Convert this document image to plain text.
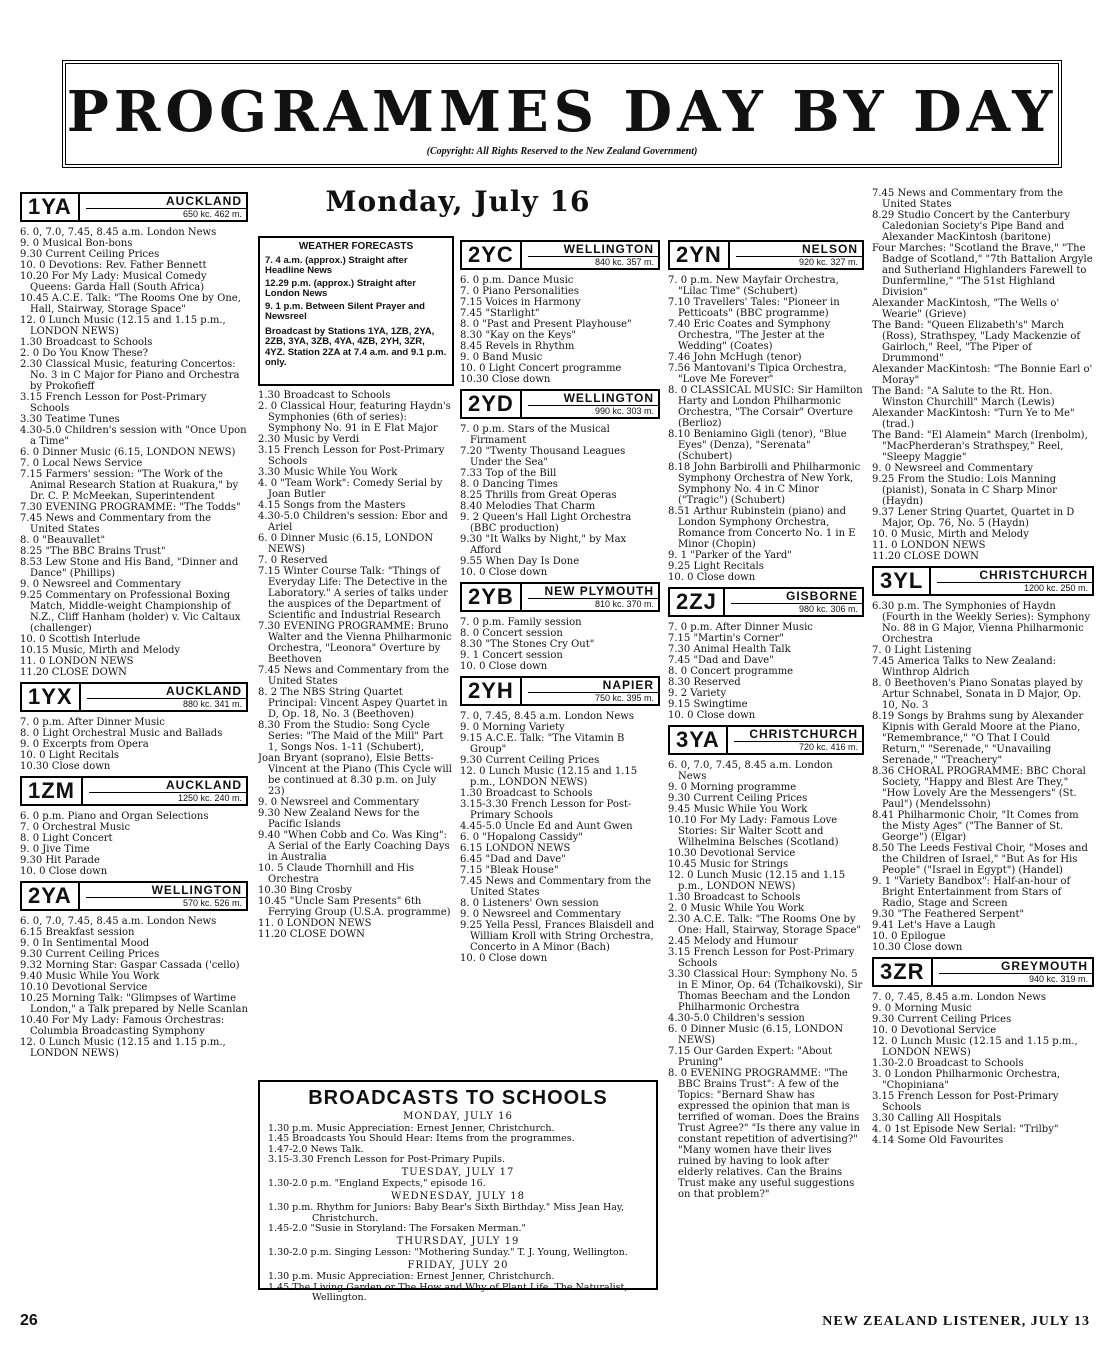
PROGRAMMES DAY BY DAY
(Copyright: All Rights Reserved to the New Zealand Government)
1YA	AUCKLAND
650 kc. 462 m.

6. 0, 7.0, 7.45, 8.45 a.m. London News

9. 0 Musical Bon-bons

9.30 Current Ceiling Prices

10. 0 Devotions: Rev. Father Bennett

10.20 For My Lady: Musical Comedy Queens: Garda Hall (South Africa)

10.45 A.C.E. Talk: "The Rooms One by One, Hall, Stairway, Storage Space"

12. 0 Lunch Music (12.15 and 1.15 p.m., LONDON NEWS)

1.30 Broadcast to Schools

2. 0 Do You Know These?

2.30 Classical Music, featuring Concertos: No. 3 in C Major for Piano and Orchestra by Prokofieff

3.15 French Lesson for Post-Primary Schools

3.30 Teatime Tunes

4.30-5.0 Children's session with "Once Upon a Time"

6. 0 Dinner Music (6.15, LONDON NEWS)

7. 0 Local News Service

7.15 Farmers' session: "The Work of the Animal Research Station at Ruakura," by Dr. C. P. McMeekan, Superintendent

7.30 EVENING PROGRAMME: "The Todds"

7.45 News and Commentary from the United States

8. 0 "Beauvallet"

8.25 "The BBC Brains Trust"

8.53 Lew Stone and His Band, "Dinner and Dance" (Phillips)

9. 0 Newsreel and Commentary

9.25 Commentary on Professional Boxing Match, Middle-weight Championship of N.Z., Cliff Hanham (holder) v. Vic Caltaux (challenger)

10. 0 Scottish Interlude

10.15 Music, Mirth and Melody

11. 0 LONDON NEWS

11.20 CLOSE DOWN

1YX	AUCKLAND
880 kc. 341 m.

7. 0 p.m. After Dinner Music

8. 0 Light Orchestral Music and Ballads

9. 0 Excerpts from Opera

10. 0 Light Recitals

10.30 Close down

1ZM	AUCKLAND
1250 kc. 240 m.

6. 0 p.m. Piano and Organ Selections

7. 0 Orchestral Music

8. 0 Light Concert

9. 0 Jive Time

9.30 Hit Parade

10. 0 Close down

2YA	WELLINGTON
570 kc. 526 m.

6. 0, 7.0, 7.45, 8.45 a.m. London News

6.15 Breakfast session

9. 0 In Sentimental Mood

9.30 Current Ceiling Prices

9.32 Morning Star: Gaspar Cassada ('cello)

9.40 Music While You Work

10.10 Devotional Service

10.25 Morning Talk: "Glimpses of Wartime London," a Talk prepared by Nelle Scanlan

10.40 For My Lady: Famous Orchestras: Columbia Broadcasting Symphony

12. 0 Lunch Music (12.15 and 1.15 p.m., LONDON NEWS)

1.30 Broadcast to Schools

2. 0 Classical Hour, featuring Haydn's Symphonies (6th of series): Symphony No. 91 in E Flat Major

2.30 Music by Verdi

3.15 French Lesson for Post-Primary Schools

3.30 Music While You Work

4. 0 "Team Work": Comedy Serial by Joan Butler

4.15 Songs from the Masters

4.30-5.0 Children's session: Ebor and Ariel

6. 0 Dinner Music (6.15, LONDON NEWS)

7. 0 Reserved

7.15 Winter Course Talk: "Things of Everyday Life: The Detective in the Laboratory." A series of talks under the auspices of the Department of Scientific and Industrial Research

7.30 EVENING PROGRAMME: Bruno Walter and the Vienna Philharmonic Orchestra, "Leonora" Overture by Beethoven

7.45 News and Commentary from the United States

8. 2 The NBS String Quartet Principal: Vincent Aspey Quartet in D, Op. 18, No. 3 (Beethoven)

8.30 From the Studio: Song Cycle Series: "The Maid of the Mill" Part 1, Songs Nos. 1-11 (Schubert),

Joan Bryant (soprano), Elsie Betts-Vincent at the Piano (This Cycle will be continued at 8.30 p.m. on July 23)

9. 0 Newsreel and Commentary

9.30 New Zealand News for the Pacific Islands

9.40 "When Cobb and Co. Was King": A Serial of the Early Coaching Days in Australia

10. 5 Claude Thornhill and His Orchestra

10.30 Bing Crosby

10.45 "Uncle Sam Presents" 6th Ferrying Group (U.S.A. programme)

11. 0 LONDON NEWS

11.20 CLOSE DOWN

2YC	WELLINGTON
840 kc. 357 m.

6. 0 p.m. Dance Music

7. 0 Piano Personalities

7.15 Voices in Harmony

7.45 "Starlight"

8. 0 "Past and Present Playhouse"

8.30 "Kay on the Keys"

8.45 Revels in Rhythm

9. 0 Band Music

10. 0 Light Concert programme

10.30 Close down

2YD	WELLINGTON
990 kc. 303 m.

7. 0 p.m. Stars of the Musical Firmament

7.20 "Twenty Thousand Leagues Under the Sea"

7.33 Top of the Bill

8. 0 Dancing Times

8.25 Thrills from Great Operas

8.40 Melodies That Charm

9. 2 Queen's Hall Light Orchestra (BBC production)

9.30 "It Walks by Night," by Max Afford

9.55 When Day Is Done

10. 0 Close down

2YB	NEW PLYMOUTH
810 kc. 370 m.

7. 0 p.m. Family session

8. 0 Concert session

8.30 "The Stones Cry Out"

9. 1 Concert session

10. 0 Close down

2YH	NAPIER
750 kc. 395 m.

7. 0, 7.45, 8.45 a.m. London News

9. 0 Morning Variety

9.15 A.C.E. Talk: "The Vitamin B Group"

9.30 Current Ceiling Prices

12. 0 Lunch Music (12.15 and 1.15 p.m., LONDON NEWS)

1.30 Broadcast to Schools

3.15-3.30 French Lesson for Post-Primary Schools

4.45-5.0 Uncle Ed and Aunt Gwen

6. 0 "Hopalong Cassidy"

6.15 LONDON NEWS

6.45 "Dad and Dave"

7.15 "Bleak House"

7.45 News and Commentary from the United States

8. 0 Listeners' Own session

9. 0 Newsreel and Commentary

9.25 Yella Pessl, Frances Blaisdell and William Kroll with String Orchestra, Concerto in A Minor (Bach)

10. 0 Close down

2YN	NELSON
920 kc. 327 m.

7. 0 p.m. New Mayfair Orchestra, "Lilac Time" (Schubert)

7.10 Travellers' Tales: "Pioneer in Petticoats" (BBC programme)

7.40 Eric Coates and Symphony Orchestra, "The Jester at the Wedding" (Coates)

7.46 John McHugh (tenor)

7.56 Mantovani's Tipica Orchestra, "Love Me Forever"

8. 0 CLASSICAL MUSIC: Sir Hamilton Harty and London Philharmonic Orchestra, "The Corsair" Overture (Berlioz)

8.10 Beniamino Gigli (tenor), "Blue Eyes" (Denza), "Serenata" (Schubert)

8.18 John Barbirolli and Philharmonic Symphony Orchestra of New York, Symphony No. 4 in C Minor ("Tragic") (Schubert)

8.51 Arthur Rubinstein (piano) and London Symphony Orchestra, Romance from Concerto No. 1 in E Minor (Chopin)

9. 1 "Parker of the Yard"

9.25 Light Recitals

10. 0 Close down

2ZJ	GISBORNE
980 kc. 306 m.

7. 0 p.m. After Dinner Music

7.15 "Martin's Corner"

7.30 Animal Health Talk

7.45 "Dad and Dave"

8. 0 Concert programme

8.30 Reserved

9. 2 Variety

9.15 Swingtime

10. 0 Close down

3YA	CHRISTCHURCH
720 kc. 416 m.

6. 0, 7.0, 7.45, 8.45 a.m. London News

9. 0 Morning programme

9.30 Current Ceiling Prices

9.45 Music While You Work

10.10 For My Lady: Famous Love Stories: Sir Walter Scott and Wilhelmina Belsches (Scotland)

10.30 Devotional Service

10.45 Music for Strings

12. 0 Lunch Music (12.15 and 1.15 p.m., LONDON NEWS)

1.30 Broadcast to Schools

2. 0 Music While You Work

2.30 A.C.E. Talk: "The Rooms One by One: Hall, Stairway, Storage Space"

2.45 Melody and Humour

3.15 French Lesson for Post-Primary Schools

3.30 Classical Hour: Symphony No. 5 in E Minor, Op. 64 (Tchaikovski), Sir Thomas Beecham and the London Philharmonic Orchestra

4.30-5.0 Children's session

6. 0 Dinner Music (6.15, LONDON NEWS)

7.15 Our Garden Expert: "About Pruning"

8. 0 EVENING PROGRAMME: "The BBC Brains Trust": A few of the Topics: "Bernard Shaw has expressed the opinion that man is terrified of woman. Does the Brains Trust Agree?" "Is there any value in constant repetition of advertising?" "Many women have their lives ruined by having to look after elderly relatives. Can the Brains Trust make any useful suggestions on that problem?"

7.45 News and Commentary from the United States

8.29 Studio Concert by the Canterbury Caledonian Society's Pipe Band and Alexander MacKintosh (baritone)

Four Marches: "Scotland the Brave," "The Badge of Scotland," "7th Battalion Argyle and Sutherland Highlanders Farewell to Dunfermline," "The 51st Highland Division"

Alexander MacKintosh, "The Wells o' Wearie" (Grieve)

The Band: "Queen Elizabeth's" March (Ross), Strathspey, "Lady Mackenzie of Gairloch," Reel, "The Piper of Drummond"

Alexander MacKintosh: "The Bonnie Earl o' Moray"

The Band: "A Salute to the Rt. Hon. Winston Churchill" March (Lewis)

Alexander MacKintosh: "Turn Ye to Me" (trad.)

The Band: "El Alamein" March (Irenbolm), "MacPherderan's Strathspey," Reel, "Sleepy Maggie"

9. 0 Newsreel and Commentary

9.25 From the Studio: Lois Manning (pianist), Sonata in C Sharp Minor (Haydn)

9.37 Lener String Quartet, Quartet in D Major, Op. 76, No. 5 (Haydn)

10. 0 Music, Mirth and Melody

11. 0 LONDON NEWS

11.20 CLOSE DOWN

3YL	CHRISTCHURCH
1200 kc. 250 m.

6.30 p.m. The Symphonies of Haydn (Fourth in the Weekly Series): Symphony No. 88 in G Major, Vienna Philharmonic Orchestra

7. 0 Light Listening

7.45 America Talks to New Zealand: Winthrop Aldrich

8. 0 Beethoven's Piano Sonatas played by Artur Schnabel, Sonata in D Major, Op. 10, No. 3

8.19 Songs by Brahms sung by Alexander Kipnis with Gerald Moore at the Piano, "Remembrance," "O That I Could Return," "Serenade," "Unavailing Serenade," "Treachery"

8.36 CHORAL PROGRAMME: BBC Choral Society, "Happy and Blest Are They," "How Lovely Are the Messengers" (St. Paul") (Mendelssohn)

8.41 Philharmonic Choir, "It Comes from the Misty Ages" ("The Banner of St. George") (Elgar)

8.50 The Leeds Festival Choir, "Moses and the Children of Israel," "But As for His People" ("Israel in Egypt") (Handel)

9. 1 "Variety Bandbox": Half-an-hour of Bright Entertainment from Stars of Radio, Stage and Screen

9.30 "The Feathered Serpent"

9.41 Let's Have a Laugh

10. 0 Epilogue

10.30 Close down

3ZR	GREYMOUTH
940 kc. 319 m.

7. 0, 7.45, 8.45 a.m. London News

9. 0 Morning Music

9.30 Current Ceiling Prices

10. 0 Devotional Service

12. 0 Lunch Music (12.15 and 1.15 p.m., LONDON NEWS)

1.30-2.0 Broadcast to Schools

3. 0 London Philharmonic Orchestra, "Chopiniana"

3.15 French Lesson for Post-Primary Schools

3.30 Calling All Hospitals

4. 0 1st Episode New Serial: "Trilby"

4.14 Some Old Favourites

Monday, July 16
WEATHER FORECASTS

7. 4 a.m. (approx.) Straight after Headline News

12.29 p.m. (approx.) Straight after London News

9. 1 p.m. Between Silent Prayer and Newsreel

Broadcast by Stations 1YA, 1ZB, 2YA, 2ZB, 3YA, 3ZB, 4YA, 4ZB, 2YH, 3ZR, 4YZ. Station 2ZA at 7.4 a.m. and 9.1 p.m. only.

BROADCASTS TO SCHOOLS
MONDAY, JULY 16

1.30 p.m. Music Appreciation: Ernest Jenner, Christchurch.

1.45 Broadcasts You Should Hear: Items from the programmes.

1.47-2.0 News Talk.

3.15-3.30 French Lesson for Post-Primary Pupils.

TUESDAY, JULY 17

1.30-2.0 p.m. "England Expects," episode 16.

WEDNESDAY, JULY 18

1.30 p.m. Rhythm for Juniors: Baby Bear's Sixth Birthday." Miss Jean Hay, Christchurch.

1.45-2.0 "Susie in Storyland: The Forsaken Merman."

THURSDAY, JULY 19

1.30-2.0 p.m. Singing Lesson: "Mothering Sunday." T. J. Young, Wellington.

FRIDAY, JULY 20

1.30 p.m. Music Appreciation: Ernest Jenner, Christchurch.

1.45 The Living Garden or The How and Why of Plant Life. The Naturalist, Wellington.

26	NEW ZEALAND LISTENER, JULY 13
